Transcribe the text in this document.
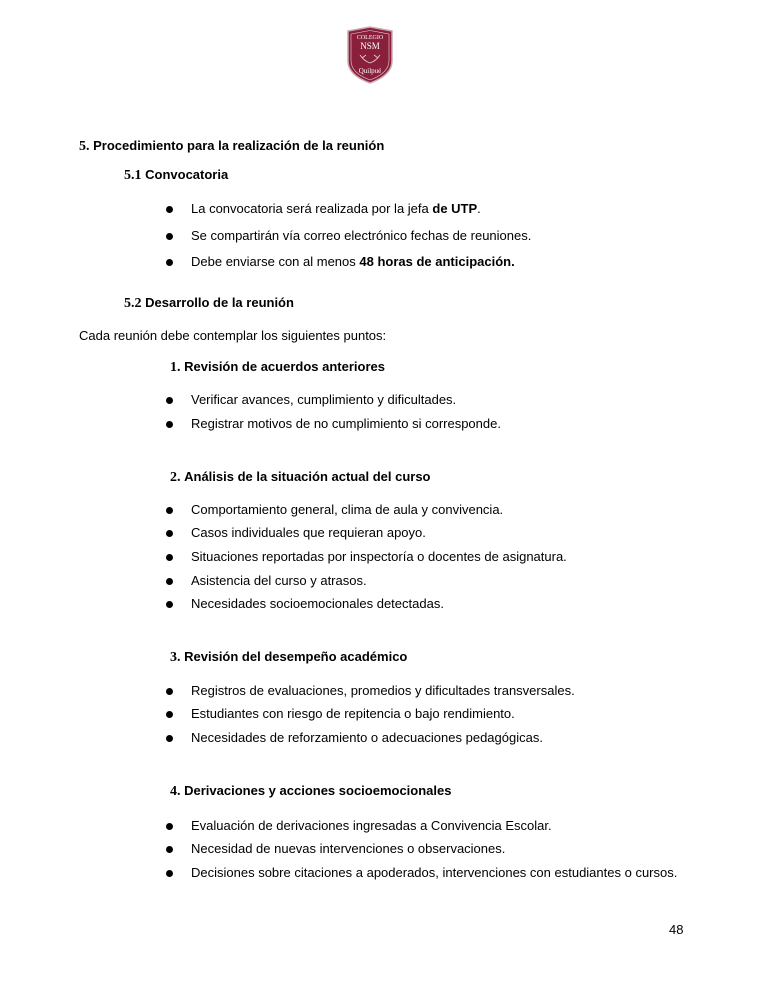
COLEGIO
NSM
Quilpué
5. Procedimiento para la realización de la reunión
5.1 Convocatoria
La convocatoria será realizada por la jefa de UTP.
Se compartirán vía correo electrónico fechas de reuniones.
Debe enviarse con al menos 48 horas de anticipación.
5.2 Desarrollo de la reunión
Cada reunión debe contemplar los siguientes puntos:
1. Revisión de acuerdos anteriores
Verificar avances, cumplimiento y dificultades.
Registrar motivos de no cumplimiento si corresponde.
2. Análisis de la situación actual del curso
Comportamiento general, clima de aula y convivencia.
Casos individuales que requieran apoyo.
Situaciones reportadas por inspectoría o docentes de asignatura.
Asistencia del curso y atrasos.
Necesidades socioemocionales detectadas.
3. Revisión del desempeño académico
Registros de evaluaciones, promedios y dificultades transversales.
Estudiantes con riesgo de repitencia o bajo rendimiento.
Necesidades de reforzamiento o adecuaciones pedagógicas.
4. Derivaciones y acciones socioemocionales
Evaluación de derivaciones ingresadas a Convivencia Escolar.
Necesidad de nuevas intervenciones o observaciones.
Decisiones sobre citaciones a apoderados, intervenciones con estudiantes o cursos.
48
